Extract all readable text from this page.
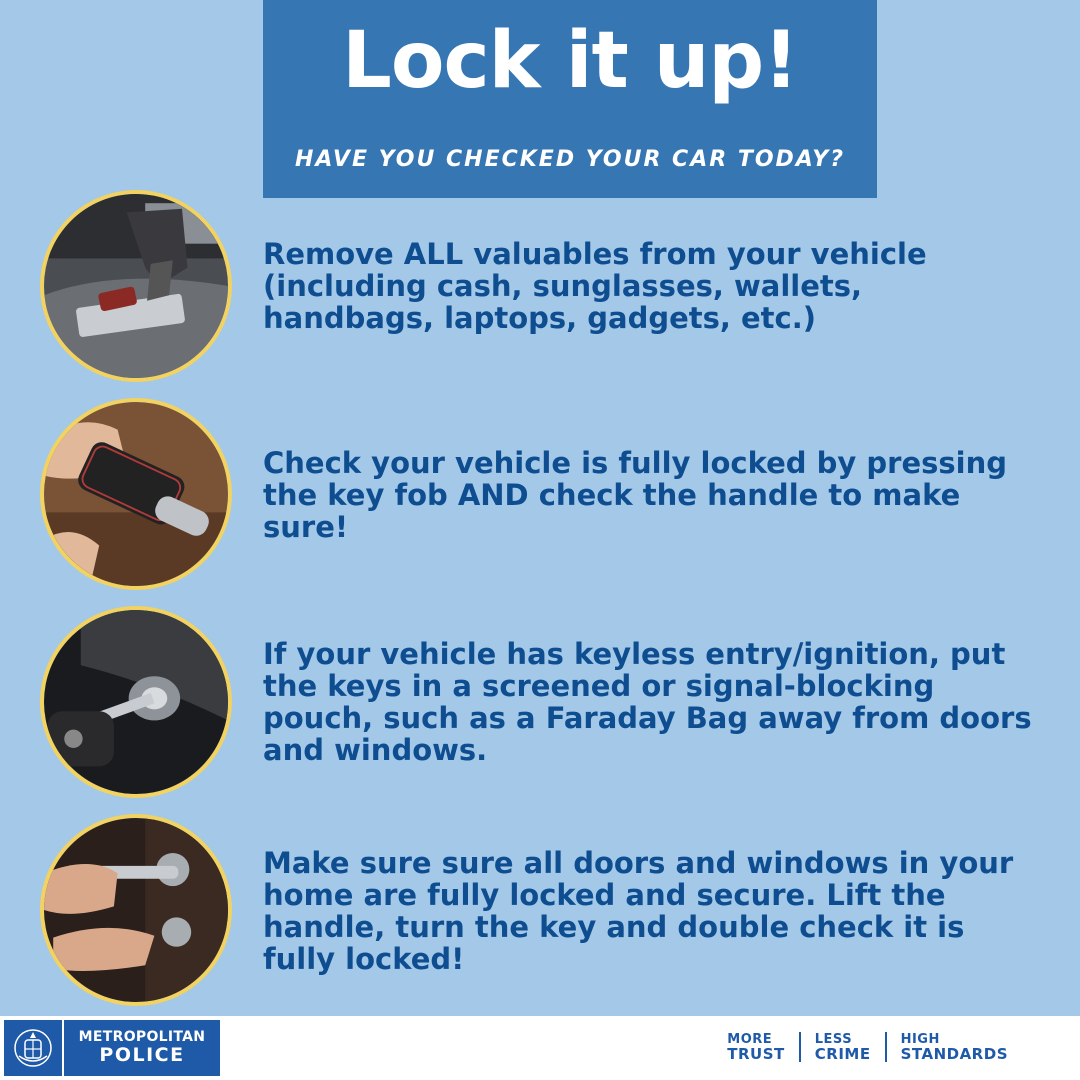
Lock it up!
HAVE YOU CHECKED YOUR CAR TODAY?
Remove ALL valuables from your vehicle (including cash, sunglasses, wallets, handbags, laptops, gadgets, etc.)
Check your vehicle is fully locked by pressing the key fob AND check the handle to make sure!
If your vehicle has keyless entry/ignition, put the keys in a screened or signal-blocking pouch, such as a Faraday Bag away from doors and windows.
Make sure sure all doors and windows in your home are fully locked and secure. Lift the handle, turn the key and double check it is fully locked!
METROPOLITAN
POLICE
MORE
TRUST
LESS
CRIME
HIGH
STANDARDS
